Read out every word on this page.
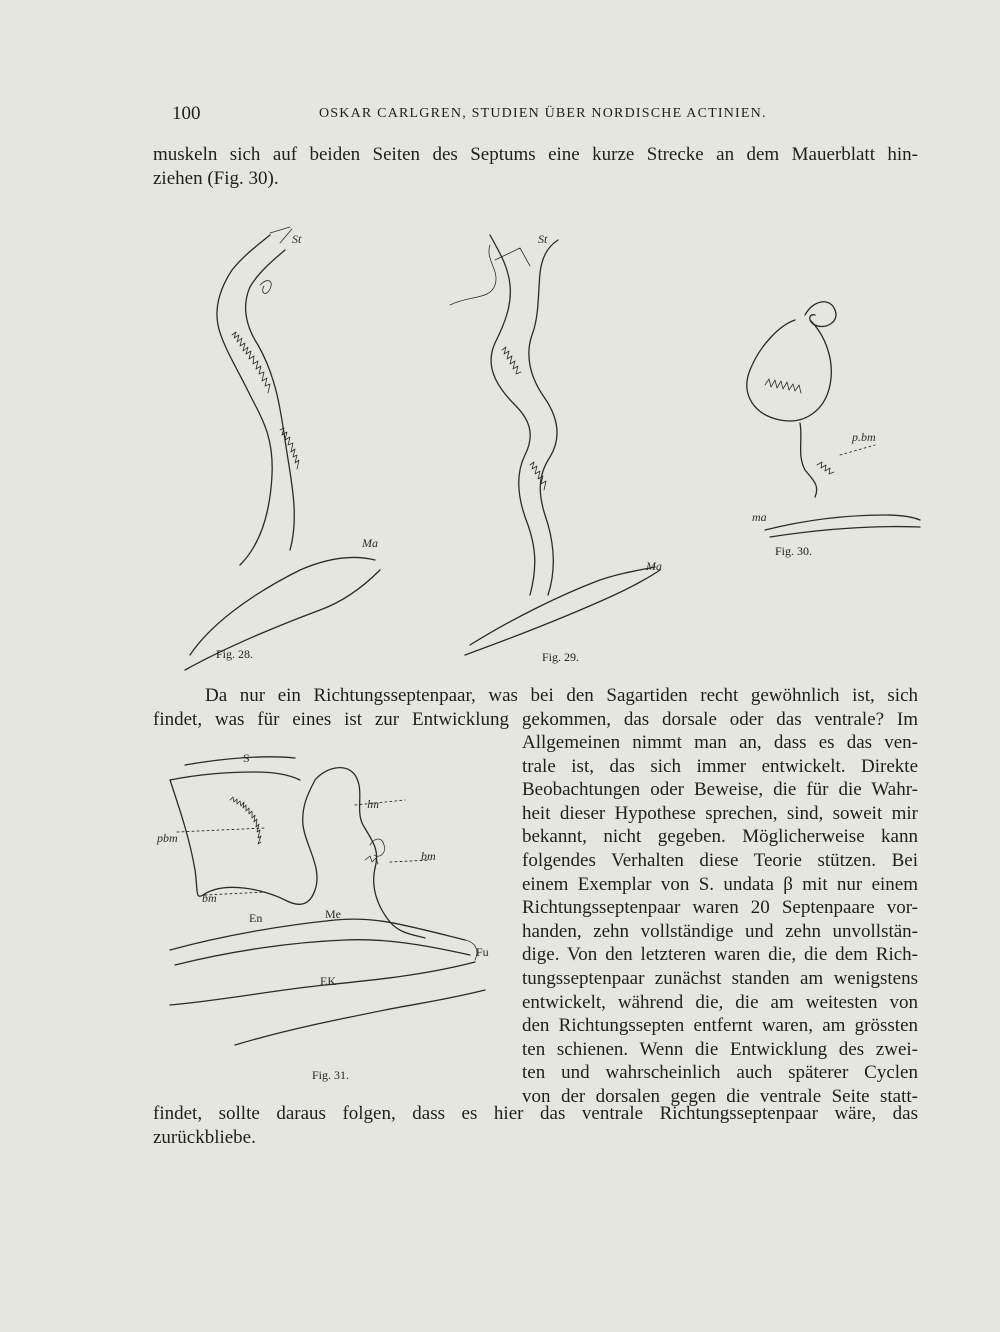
100	OSKAR CARLGREN, STUDIEN ÜBER NORDISCHE ACTINIEN.
muskeln sich auf beiden Seiten des Septums eine kurze Strecke an dem Mauerblatt hin-
ziehen (Fig. 30).
St
Ma
Fig. 28.
St
Ma
Fig. 29.
p.bm
ma
Fig. 30.
Da nur ein Richtungsseptenpaar, was bei den Sagartiden recht gewöhnlich ist, sich
findet, was für eines ist zur Entwicklung gekommen, das dorsale oder das ventrale? Im
Allgemeinen nimmt man an, dass es das ven-
trale ist, das sich immer entwickelt. Direkte
Beobachtungen oder Beweise, die für die Wahr-
heit dieser Hypothese sprechen, sind, soweit mir
bekannt, nicht gegeben. Möglicherweise kann
folgendes Verhalten diese Teorie stützen. Bei
einem Exemplar von S. undata β mit nur einem
Richtungsseptenpaar waren 20 Septenpaare vor-
handen, zehn vollständige und zehn unvollstän-
dige. Von den letzteren waren die, die dem Rich-
tungsseptenpaar zunächst standen am wenigstens
entwickelt, während die, die am weitesten von
den Richtungssepten entfernt waren, am grössten
ten schienen. Wenn die Entwicklung des zwei-
ten und wahrscheinlich auch späterer Cyclen
von der dorsalen gegen die ventrale Seite statt-
S
lm
pbm
bm
bm
En	Me
EK
Fu
Fig. 31.
findet, sollte daraus folgen, dass es hier das ventrale Richtungsseptenpaar wäre, das
zurückbliebe.
